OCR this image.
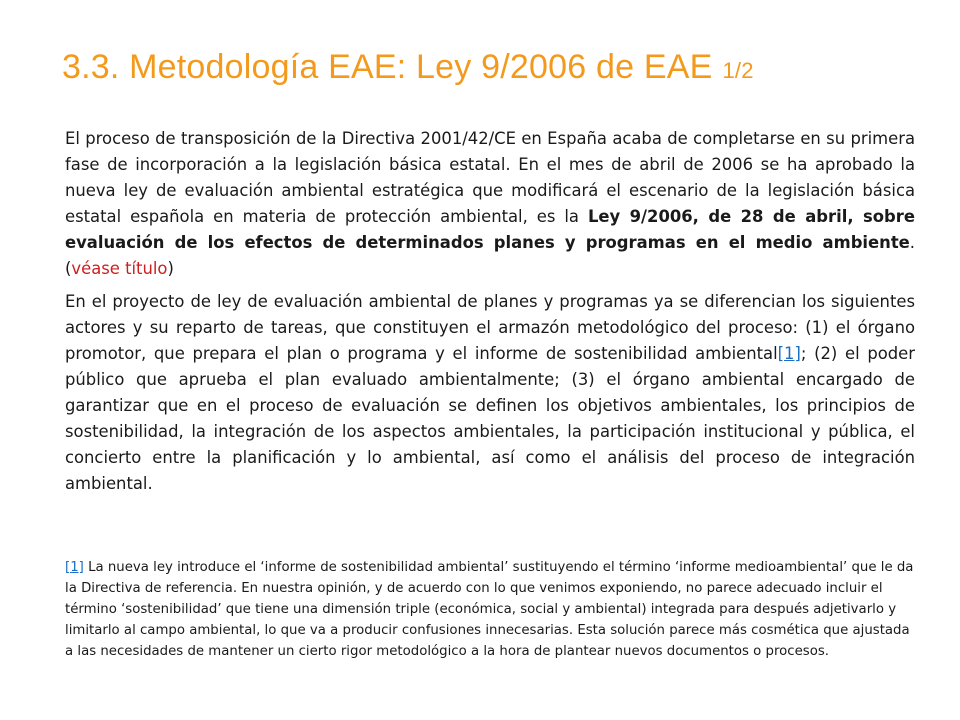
3.3. Metodología EAE: Ley 9/2006 de EAE 1/2

El proceso de transposición de la Directiva 2001/42/CE en España acaba de completarse en su primera fase de incorporación a la legislación básica estatal. En el mes de abril de 2006 se ha aprobado la nueva ley de evaluación ambiental estratégica que modificará el escenario de la legislación básica estatal española en materia de protección ambiental, es la Ley 9/2006, de 28 de abril, sobre evaluación de los efectos de determinados planes y programas en el medio ambiente. (véase título)

En el proyecto de ley de evaluación ambiental de planes y programas ya se diferencian los siguientes actores y su reparto de tareas, que constituyen el armazón metodológico del proceso: (1) el órgano promotor, que prepara el plan o programa y el informe de sostenibilidad ambiental[1]; (2) el poder público que aprueba el plan evaluado ambientalmente; (3) el órgano ambiental encargado de garantizar que en el proceso de evaluación se definen los objetivos ambientales, los principios de sostenibilidad, la integración de los aspectos ambientales, la participación institucional y pública, el concierto entre la planificación y lo ambiental, así como el análisis del proceso de integración ambiental.

[1] La nueva ley introduce el ‘informe de sostenibilidad ambiental’ sustituyendo el término ‘informe medioambiental’ que le da la Directiva de referencia. En nuestra opinión, y de acuerdo con lo que venimos exponiendo, no parece adecuado incluir el término ‘sostenibilidad’ que tiene una dimensión triple (económica, social y ambiental) integrada para después adjetivarlo y limitarlo al campo ambiental, lo que va a producir confusiones innecesarias. Esta solución parece más cosmética que ajustada a las necesidades de mantener un cierto rigor metodológico a la hora de plantear nuevos documentos o procesos.
